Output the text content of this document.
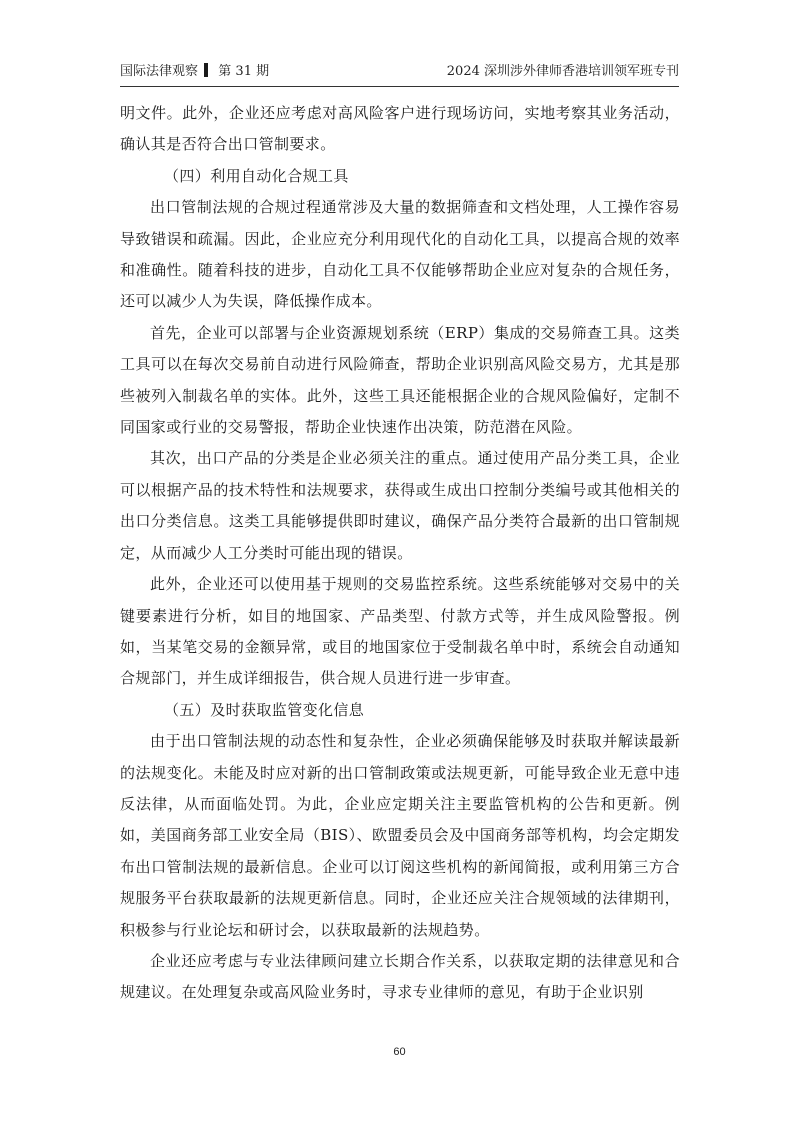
国际法律观察 第 31 期	2024 深圳涉外律师香港培训领军班专刊

明文件。此外，企业还应考虑对高风险客户进行现场访问，实地考察其业务活动，确认其是否符合出口管制要求。

（四）利用自动化合规工具

出口管制法规的合规过程通常涉及大量的数据筛查和文档处理，人工操作容易导致错误和疏漏。因此，企业应充分利用现代化的自动化工具，以提高合规的效率和准确性。随着科技的进步，自动化工具不仅能够帮助企业应对复杂的合规任务，还可以减少人为失误，降低操作成本。

首先，企业可以部署与企业资源规划系统（ERP）集成的交易筛查工具。这类工具可以在每次交易前自动进行风险筛查，帮助企业识别高风险交易方，尤其是那些被列入制裁名单的实体。此外，这些工具还能根据企业的合规风险偏好，定制不同国家或行业的交易警报，帮助企业快速作出决策，防范潜在风险。

其次，出口产品的分类是企业必须关注的重点。通过使用产品分类工具，企业可以根据产品的技术特性和法规要求，获得或生成出口控制分类编号或其他相关的出口分类信息。这类工具能够提供即时建议，确保产品分类符合最新的出口管制规定，从而减少人工分类时可能出现的错误。

此外，企业还可以使用基于规则的交易监控系统。这些系统能够对交易中的关键要素进行分析，如目的地国家、产品类型、付款方式等，并生成风险警报。例如，当某笔交易的金额异常，或目的地国家位于受制裁名单中时，系统会自动通知合规部门，并生成详细报告，供合规人员进行进一步审查。

（五）及时获取监管变化信息

由于出口管制法规的动态性和复杂性，企业必须确保能够及时获取并解读最新的法规变化。未能及时应对新的出口管制政策或法规更新，可能导致企业无意中违反法律，从而面临处罚。为此，企业应定期关注主要监管机构的公告和更新。例如，美国商务部工业安全局（BIS）、欧盟委员会及中国商务部等机构，均会定期发布出口管制法规的最新信息。企业可以订阅这些机构的新闻简报，或利用第三方合规服务平台获取最新的法规更新信息。同时，企业还应关注合规领域的法律期刊，积极参与行业论坛和研讨会，以获取最新的法规趋势。

企业还应考虑与专业法律顾问建立长期合作关系，以获取定期的法律意见和合规建议。在处理复杂或高风险业务时，寻求专业律师的意见，有助于企业识别

60
